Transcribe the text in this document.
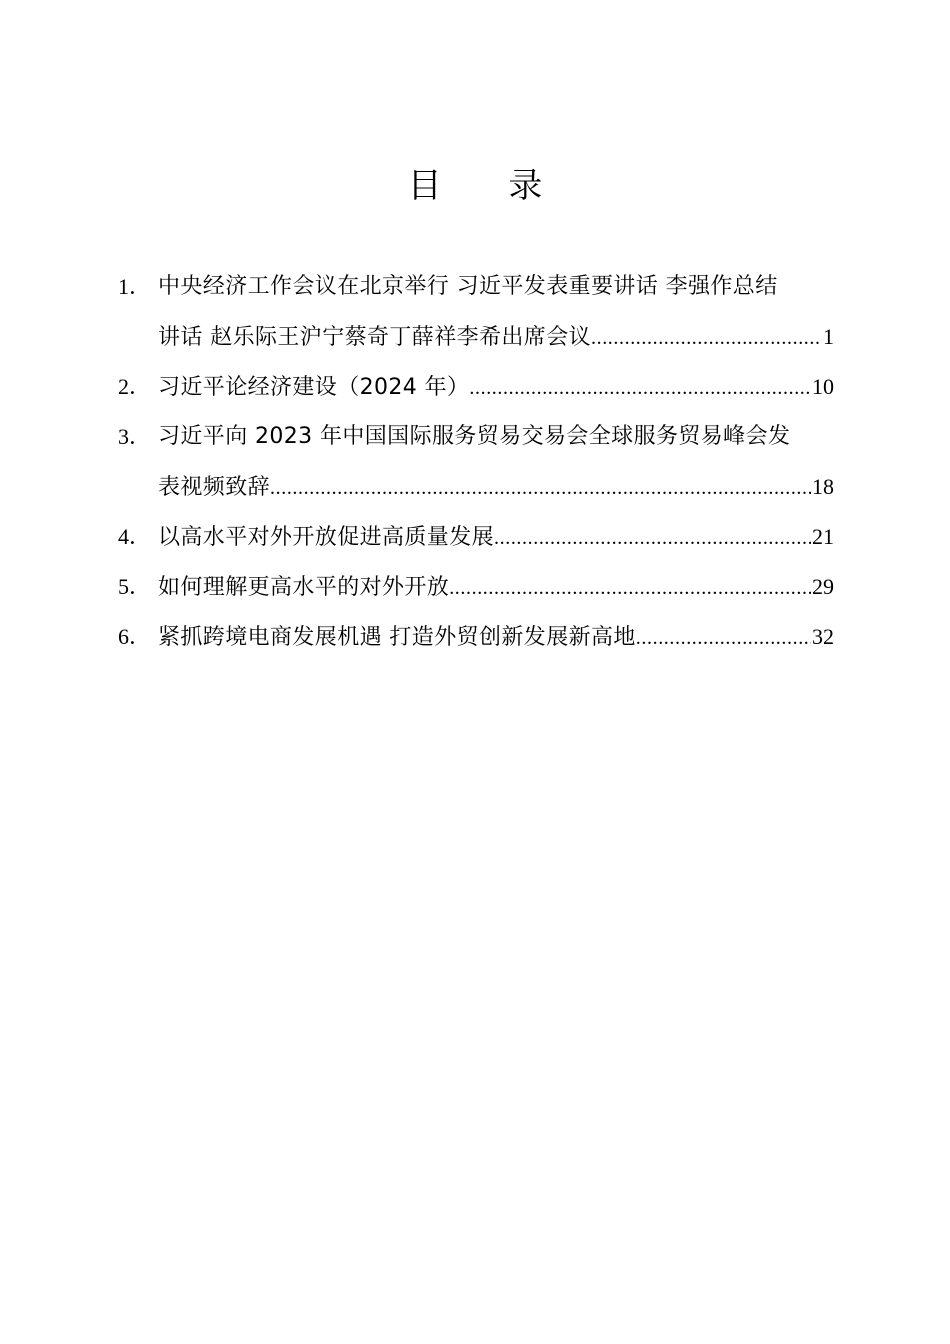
目 录
1． 中央经济工作会议在北京举行 习近平发表重要讲话 李强作总结
讲话 赵乐际王沪宁蔡奇丁薛祥李希出席会议 .....	1
2． 习近平论经济建设（2024 年） .....	10
3． 习近平向 2023 年中国国际服务贸易交易会全球服务贸易峰会发
表视频致辞 .....	18
4． 以高水平对外开放促进高质量发展 .....	21
5． 如何理解更高水平的对外开放 .....	29
6． 紧抓跨境电商发展机遇 打造外贸创新发展新高地 .....	32
